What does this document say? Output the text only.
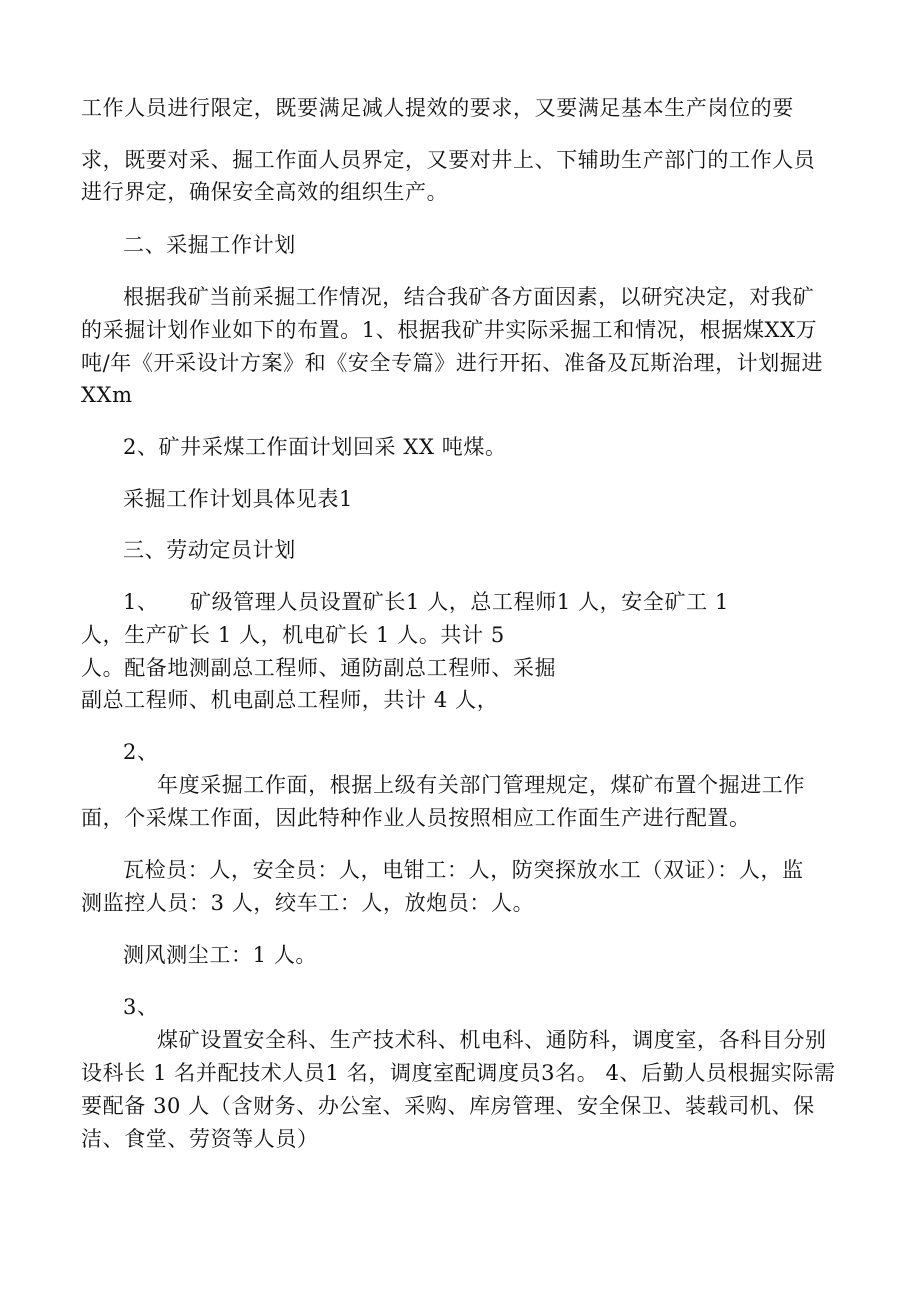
工作人员进行限定，既要满足减人提效的要求，又要满足基本生产岗位的要
求，既要对采、掘工作面人员界定，又要对井上、下辅助生产部门的工作人员
进行界定，确保安全高效的组织生产。
二、采掘工作计划
根据我矿当前采掘工作情况，结合我矿各方面因素，以研究决定，对我矿
的采掘计划作业如下的布置。1、根据我矿井实际采掘工和情况，根据煤XX万
吨/年《开采设计方案》和《安全专篇》进行开拓、准备及瓦斯治理，计划掘进
XXm
2、矿井采煤工作面计划回采 XX 吨煤。
采掘工作计划具体见表1
三、劳动定员计划
1、 矿级管理人员设置矿长1 人，总工程师1 人，安全矿工 1
人，生产矿长 1 人，机电矿长 1 人。共计 5
人。配备地测副总工程师、通防副总工程师、采掘
副总工程师、机电副总工程师，共计 4 人，
2、
年度采掘工作面，根据上级有关部门管理规定，煤矿布置个掘进工作
面，个采煤工作面，因此特种作业人员按照相应工作面生产进行配置。
瓦检员：人，安全员：人，电钳工：人，防突探放水工（双证）：人，监
测监控人员：3 人，绞车工：人，放炮员：人。
测风测尘工：1 人。
3、
煤矿设置安全科、生产技术科、机电科、通防科，调度室，各科目分别
设科长 1 名并配技术人员1 名，调度室配调度员3名。 4、后勤人员根掘实际需
要配备 30 人（含财务、办公室、采购、库房管理、安全保卫、装载司机、保
洁、食堂、劳资等人员）
